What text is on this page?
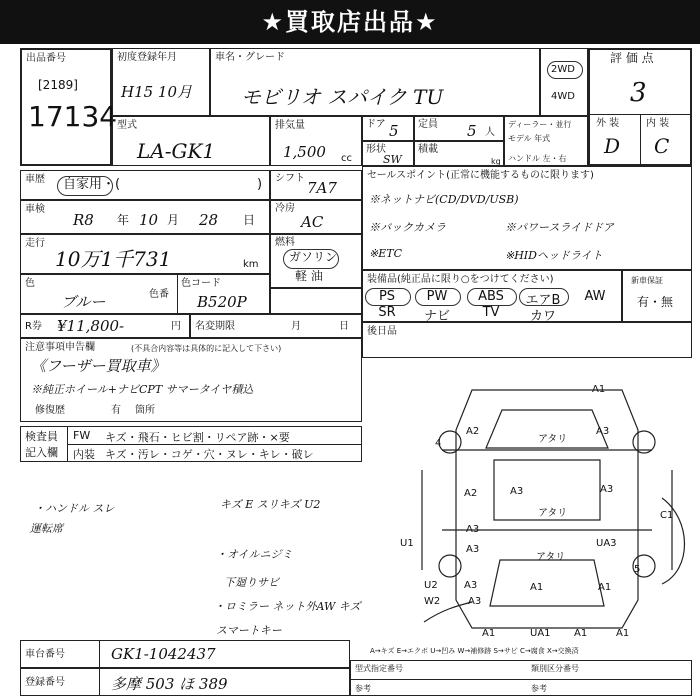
★買取店出品★
出品番号
[2189]
17134
初度登録年月
H15 10月
車名・グレード
モビリオ スパイク TU
2WD
4WD
評 価 点
3
外 装	内 装
D C
型式
LA-GK1
排気量
1,500 cc
ドア 5 定員 5 人
形状
SW
積載
kg
ディーラー・並行
モデル 年式
ハンドル 左・右
車歴 自家用・(	) シフト
7A7
車検
R8 年 10 月 28 日
冷房
AC
走行
10万1千731	km
燃料
ガソリン
軽 油
色
ブルー	色番
色コード
B520P
R券 ¥11,800-	円 名変期限	月	日
注意事項申告欄	(不具合内容等は具体的に記入して下さい)
《フーザー買取車》
※純正ホイール+ナビCPT サマータイヤ積込
修復歴	有 箇所
セールスポイント(正常に機能するものに限ります)
※ネットナビ(CD/DVD/USB)
※バックカメラ	※パワースライドドア
※ETC	※HIDヘッドライト
装備品(純正品に限り○をつけてください)
PS	PW	ABS	エアB	AW
SR	ナビ	TV	カワ
新車保証
有・無
後日品
検査員
記入欄
FW キズ・飛石・ヒビ割・リペア跡・×要
内装 キズ・汚レ・コゲ・穴・ヌレ・キレ・破レ
・ハンドル スレ
運転席
キズ E スリキズ U2
・オイルニジミ
下廻りサビ
・ロミラー ネット外AW キズ
スマートキー
A1
A2
アタリ
A3
4
A2	A3
アタリ
A3
A3
C1
U1
A3
UA3
5
U2	A3	A1
A3
W2
A1
A1	UA1 A1	A1
アタリ
A→キズ E→エクボ U→凹み W→補修跡 S→サビ C→腐食 X→交換済
車台番号	GK1-1042437
登録番号	多摩 503 ほ 389
型式指定番号	類別区分番号
参考	参考
